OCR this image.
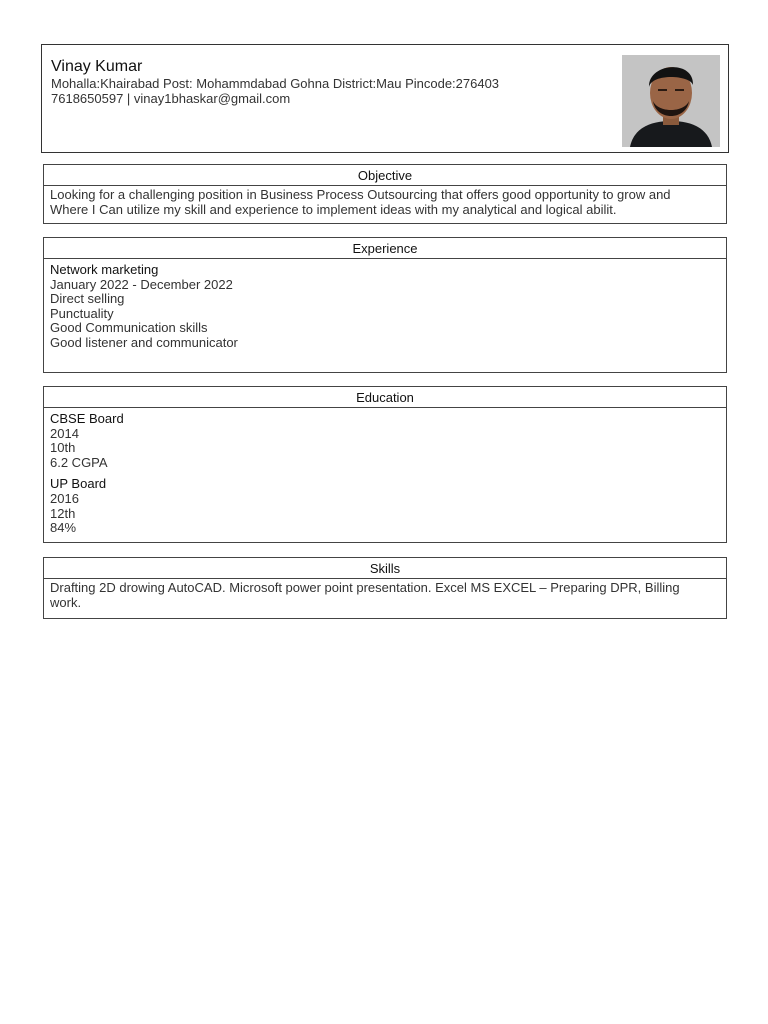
Vinay Kumar
Mohalla:Khairabad Post: Mohammdabad Gohna District:Mau Pincode:276403
7618650597 | vinay1bhaskar@gmail.com
Objective
Looking for a challenging position in Business Process Outsourcing that offers good opportunity to grow and
Where I Can utilize my skill and experience to implement ideas with my analytical and logical abilit.
Experience
Network marketing
January 2022 - December 2022
Direct selling
Punctuality
Good Communication skills
Good listener and communicator
Education
CBSE Board
2014
10th
6.2 CGPA
UP Board
2016
12th
84%
Skills
Drafting 2D drowing AutoCAD. Microsoft power point presentation. Excel MS EXCEL – Preparing DPR, Billing
work.
